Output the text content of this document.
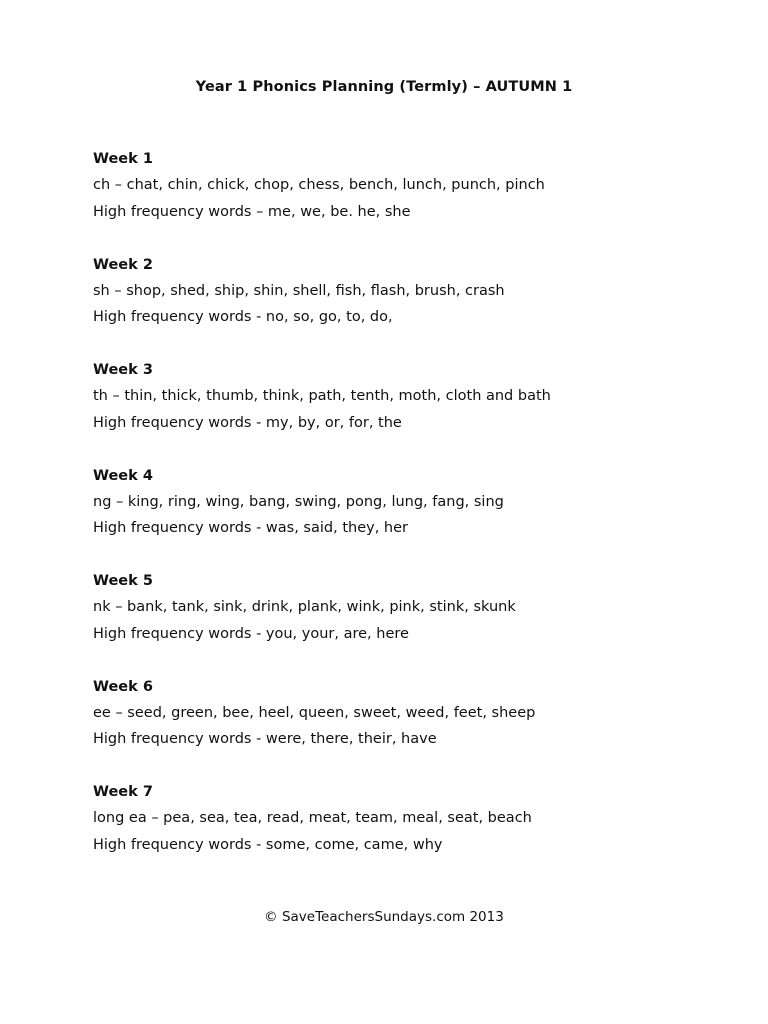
Year 1 Phonics Planning (Termly) – AUTUMN 1
Week 1
ch – chat, chin, chick, chop, chess, bench, lunch, punch, pinch
High frequency words – me, we, be. he, she
Week 2
sh – shop, shed, ship, shin, shell, fish, flash, brush, crash
High frequency words - no, so, go, to, do,
Week 3
th – thin, thick, thumb, think, path, tenth, moth, cloth and bath
High frequency words - my, by, or, for, the
Week 4
ng – king, ring, wing, bang, swing, pong, lung, fang, sing
High frequency words - was, said, they, her
Week 5
nk – bank, tank, sink, drink, plank, wink, pink, stink, skunk
High frequency words - you, your, are, here
Week 6
ee – seed, green, bee, heel, queen, sweet, weed, feet, sheep
High frequency words - were, there, their, have
Week 7
long ea – pea, sea, tea, read, meat, team, meal, seat, beach
High frequency words - some, come, came, why
© SaveTeachersSundays.com 2013
